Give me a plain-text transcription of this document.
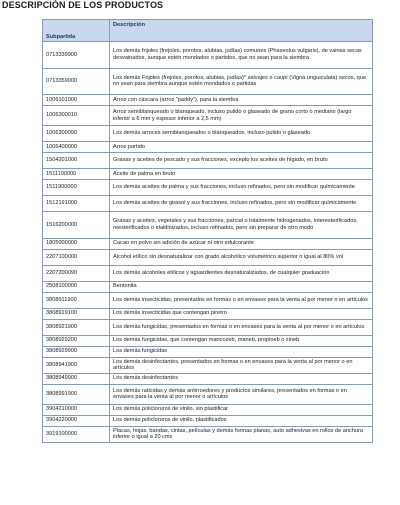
DESCRIPCIÓN DE LOS PRODUCTOS
Subpartida	Descripción
0713339900	Los demás frijoles (frejoles, porotos, alubias, judías) comunes (Phaseolus vulgaris), de vainas secas desvainados, aunque estén mondados o partidos, que no sean para la siembra
0713359000	Los demás Frijoles (frejoles, porotos, alubias, judías)* salvajes o caupí (Vigna unguiculata) secos, que no sean para siembra aunque estén mondados o partidas
1006101000	Arroz con cáscara (arroz "paddy"), para la siembra
1006300010	Arroz semiblanqueado o blanqueado, incluso pulido o glaseado de grano corto o mediano (largo inferior a 6 mm y espesor inferior a 2,5 mm)
1006300090	Los demás arroces semiblanqueados o blanqueados, incluso pulido o glaseado
1006400000	Arroz partido
1504201000	Grasas y aceites de pescado y sus fracciones, excepto los aceites de hígado, en bruto
1511100000	Aceite de palma en bruto
1511900000	Los demás aceites de palma y sus fracciones, incluso refinados, pero sin modificar químicamente
1512191000	Los demás aceites de girasol y sus fracciones, incluso refinados, pero sin modificar químicamente
1516200000	Grasas y aceites, vegetales y sus fracciones, parcial o totalmente hidrogenados, interesterificados, reesterificados o elaidinizados, incluso refinados, pero sin preparar de otro modo
1805000000	Cacao en polvo sin adición de azúcar ni otro edulcorante
2207100000	Alcohol etílico sin desnaturalizar con grado alcohólico volumétrico superior o igual al 80% vol
2207200090	Los demás alcoholes etílicos y aguardientes desnaturalizados, de cualquier graduación
2508100000	Bentonita
3808911900	Los demás insecticidas, presentados en formas o en envases para la venta al por menor o en artículos
3808919100	Los demás insecticidas que contengan piretro
3808921900	Los demás fungicidas, presentados en formas o en envases para la venta al por menor o en artículos
3808929200	Los demás fungicidas, que contengan mancozeb, maneb, propineb o zineb
3808929900	Los demás fungicidas
3808941900	Los demás desinfectantes, presentados en formas o en envases para la venta al por menor o en artículos
3808949900	Los demás desinfectantes
3808991900	Los demás raticidas y demás antirroedores y productos similares, presentados en formas o en envases para la venta al por menor o artículos
3904210000	Los demás policloruros de vinilo, sin plastificar
3904220000	Los demás policloruros de vinilo, plastificados
3919100000	Placas, hojas, bandas, cintas, películas y demás formas planas, auto adhesivas en rollos de anchura inferior o igual a 20 cms
